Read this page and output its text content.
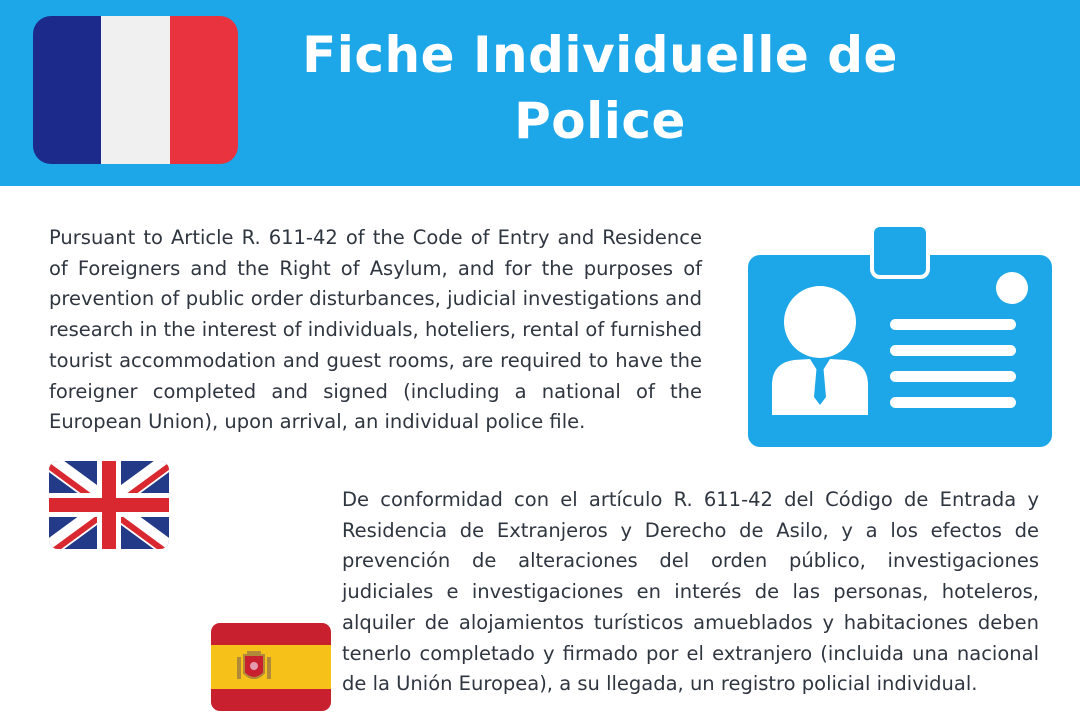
Fiche Individuelle de Police

Pursuant to Article R. 611-42 of the Code of Entry and Residence of Foreigners and the Right of Asylum, and for the purposes of prevention of public order disturbances, judicial investigations and research in the interest of individuals, hoteliers, rental of furnished tourist accommodation and guest rooms, are required to have the foreigner completed and signed (including a national of the European Union), upon arrival, an individual police file.

De conformidad con el artículo R. 611-42 del Código de Entrada y Residencia de Extranjeros y Derecho de Asilo, y a los efectos de prevención de alteraciones del orden público, investigaciones judiciales e investigaciones en interés de las personas, hoteleros, alquiler de alojamientos turísticos amueblados y habitaciones deben tenerlo completado y firmado por el extranjero (incluida una nacional de la Unión Europea), a su llegada, un registro policial individual.
